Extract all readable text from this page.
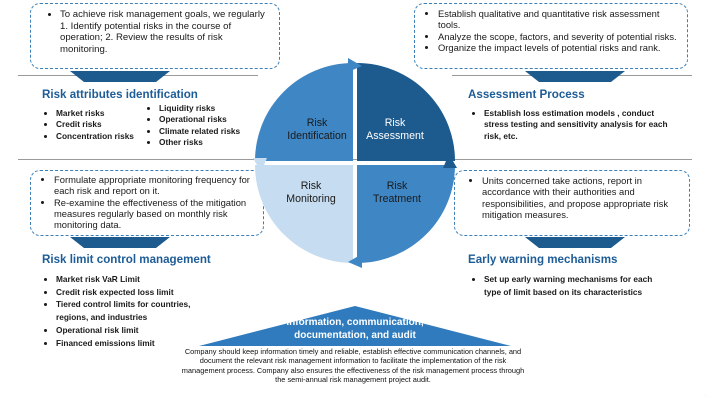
• To achieve risk management goals, we regularly 1. Identify potential risks in the course of operation; 2. Review the results of risk monitoring.
• Establish qualitative and quantitative risk assessment tools.
• Analyze the scope, factors, and severity of potential risks.
• Organize the impact levels of potential risks and rank.
Risk attributes identification
• Market risks
• Credit risks
• Concentration risks
• Liquidity risks
• Operational risks
• Climate related risks
• Other risks
Assessment Process
• Establish loss estimation models , conduct stress testing and sensitivity analysis for each risk, etc.
• Formulate appropriate monitoring frequency for each risk and report on it.
• Re-examine the effectiveness of the mitigation measures regularly based on monthly risk monitoring data.
• Units concerned take actions, report in accordance with their authorities and responsibilities, and propose appropriate risk mitigation measures.
Risk limit control management
• Market risk VaR Limit
• Credit risk expected loss limit
• Tiered control limits for countries, regions, and industries
• Operational risk limit
• Financed emissions limit
Early warning mechanisms
• Set up early warning mechanisms for each type of limit based on its characteristics
Risk Identification
Risk Assessment
Risk Monitoring
Risk Treatment
Information, communication, documentation, and audit
Company should keep information timely and reliable, establish effective communication channels, and document the relevant risk management information to facilitate the implementation of the risk management process. Company also ensures the effectiveness of the risk management process through the semi-annual risk management project audit.
